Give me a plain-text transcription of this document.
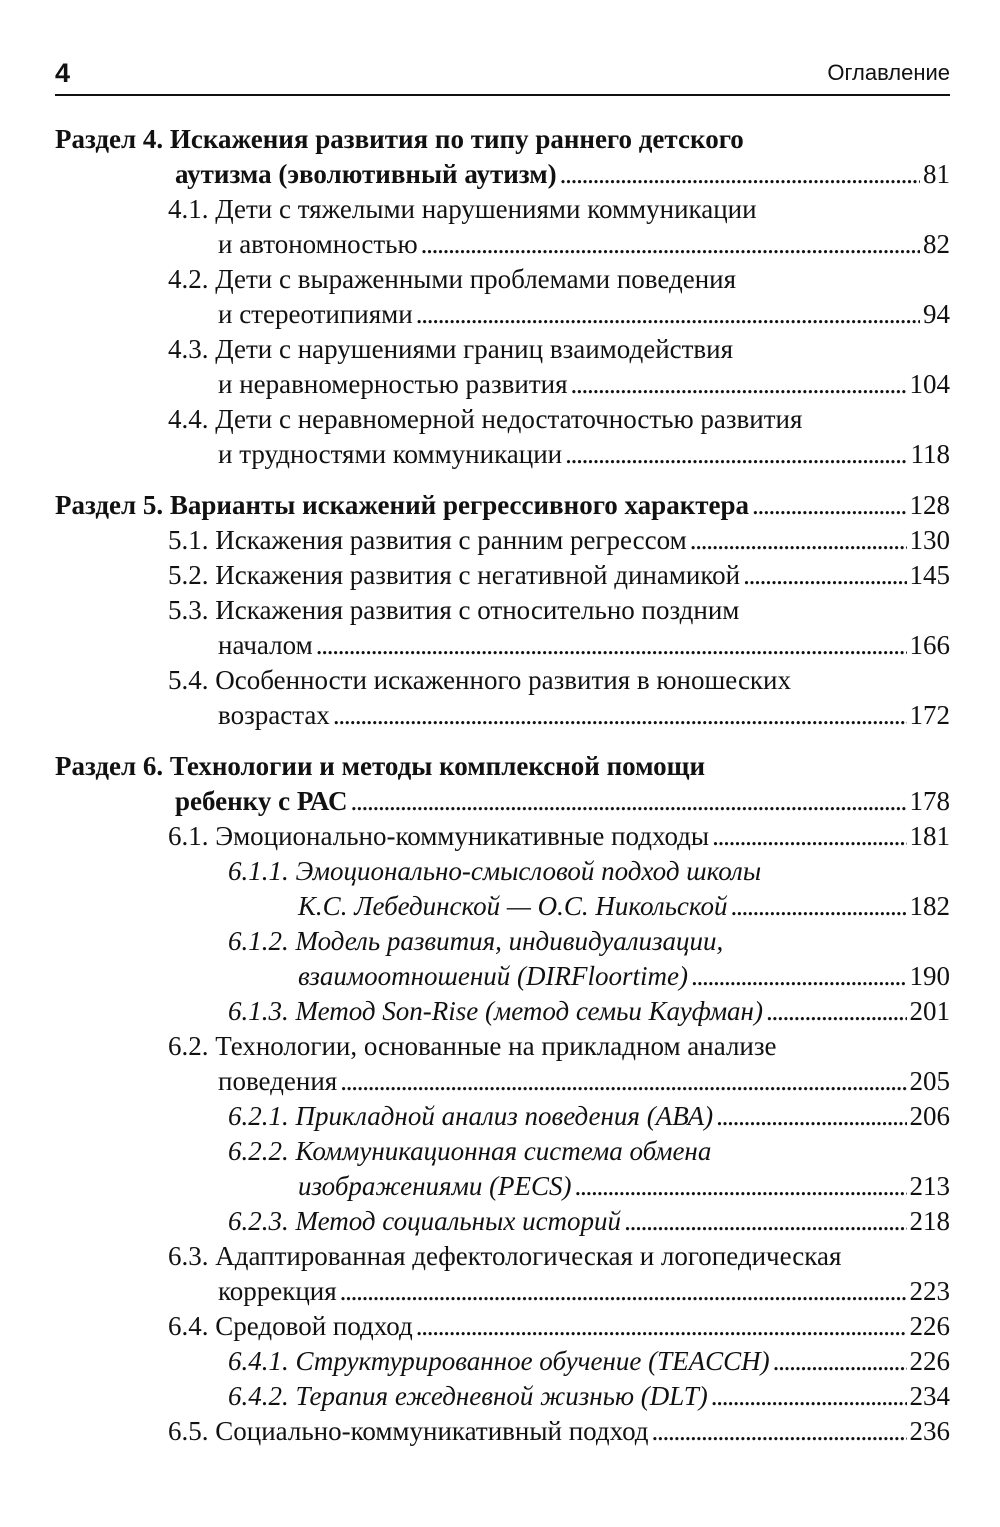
4	Оглавление
Раздел 4. Искажения развития по типу раннего детского
аутизма (эволютивный аутизм) . . .	81
4.1. Дети с тяжелыми нарушениями коммуникации
и автономностью . . .	82
4.2. Дети с выраженными проблемами поведения
и стереотипиями . . .	94
4.3. Дети с нарушениями границ взаимодействия
и неравномерностью развития . . .	104
4.4. Дети с неравномерной недостаточностью развития
и трудностями коммуникации . . .	118
Раздел 5. Варианты искажений регрессивного характера . . .	128
5.1. Искажения развития с ранним регрессом . . .	130
5.2. Искажения развития с негативной динамикой . . .	145
5.3. Искажения развития с относительно поздним
началом . . .	166
5.4. Особенности искаженного развития в юношеских
возрастах . . .	172
Раздел 6. Технологии и методы комплексной помощи
ребенку с РАС . . .	178
6.1. Эмоционально-коммуникативные подходы . . .	181
6.1.1. Эмоционально-смысловой подход школы
К.С. Лебединской — О.С. Никольской . . .	182
6.1.2. Модель развития, индивидуализации,
взаимоотношений (DIRFloortime) . . .	190
6.1.3. Метод Son-Rise (метод семьи Кауфман) . . .	201
6.2. Технологии, основанные на прикладном анализе
поведения . . .	205
6.2.1. Прикладной анализ поведения (АВА) . . .	206
6.2.2. Коммуникационная система обмена
изображениями (PECS) . . .	213
6.2.3. Метод социальных историй . . .	218
6.3. Адаптированная дефектологическая и логопедическая
коррекция . . .	223
6.4. Средовой подход . . .	226
6.4.1. Структурированное обучение (TEACCH) . . .	226
6.4.2. Терапия ежедневной жизнью (DLT) . . .	234
6.5. Социально-коммуникативный подход . . .	236
